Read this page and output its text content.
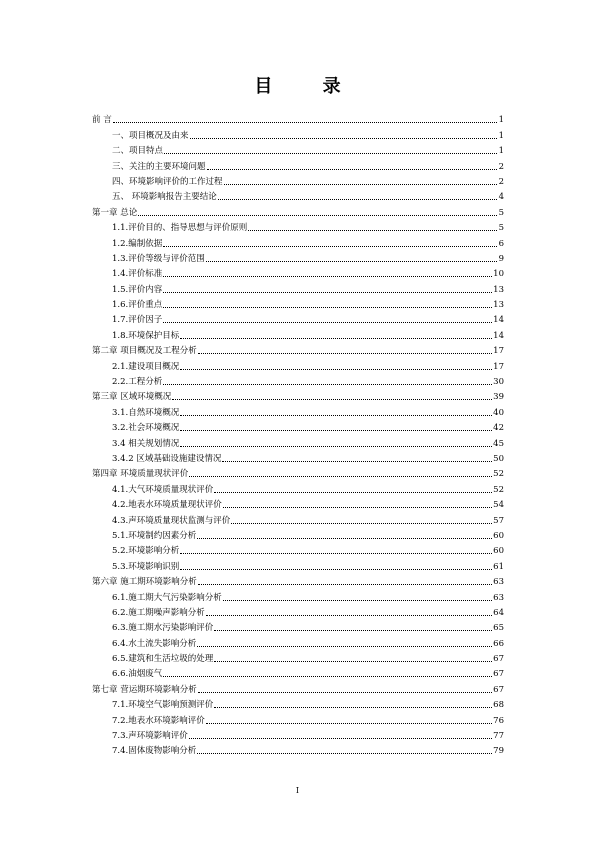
目 录
前 言	1
一、项目概况及由来	1
二、项目特点	1
三、关注的主要环境问题	2
四、环境影响评价的工作过程	2
五、 环境影响报告主要结论	4
第一章 总论	5
1.1.评价目的、指导思想与评价原则	5
1.2.编制依据	6
1.3.评价等级与评价范围	9
1.4.评价标准	10
1.5.评价内容	13
1.6.评价重点	13
1.7.评价因子	14
1.8.环境保护目标	14
第二章 项目概况及工程分析	17
2.1.建设项目概况	17
2.2.工程分析	30
第三章 区域环境概况	39
3.1.自然环境概况	40
3.2.社会环境概况	42
3.4 相关规划情况	45
3.4.2 区域基础设施建设情况	50
第四章 环境质量现状评价	52
4.1.大气环境质量现状评价	52
4.2.地表水环境质量现状评价	54
4.3.声环境质量现状监测与评价	57
5.1.环境制约因素分析	60
5.2.环境影响分析	60
5.3.环境影响识别	61
第六章 施工期环境影响分析	63
6.1.施工期大气污染影响分析	63
6.2.施工期噪声影响分析	64
6.3.施工期水污染影响评价	65
6.4.水土流失影响分析	66
6.5.建筑和生活垃圾的处理	67
6.6.油烟废气	67
第七章 营运期环境影响分析	67
7.1.环境空气影响预测评价	68
7.2.地表水环境影响评价	76
7.3.声环境影响评价	77
7.4.固体废物影响分析	79
I
